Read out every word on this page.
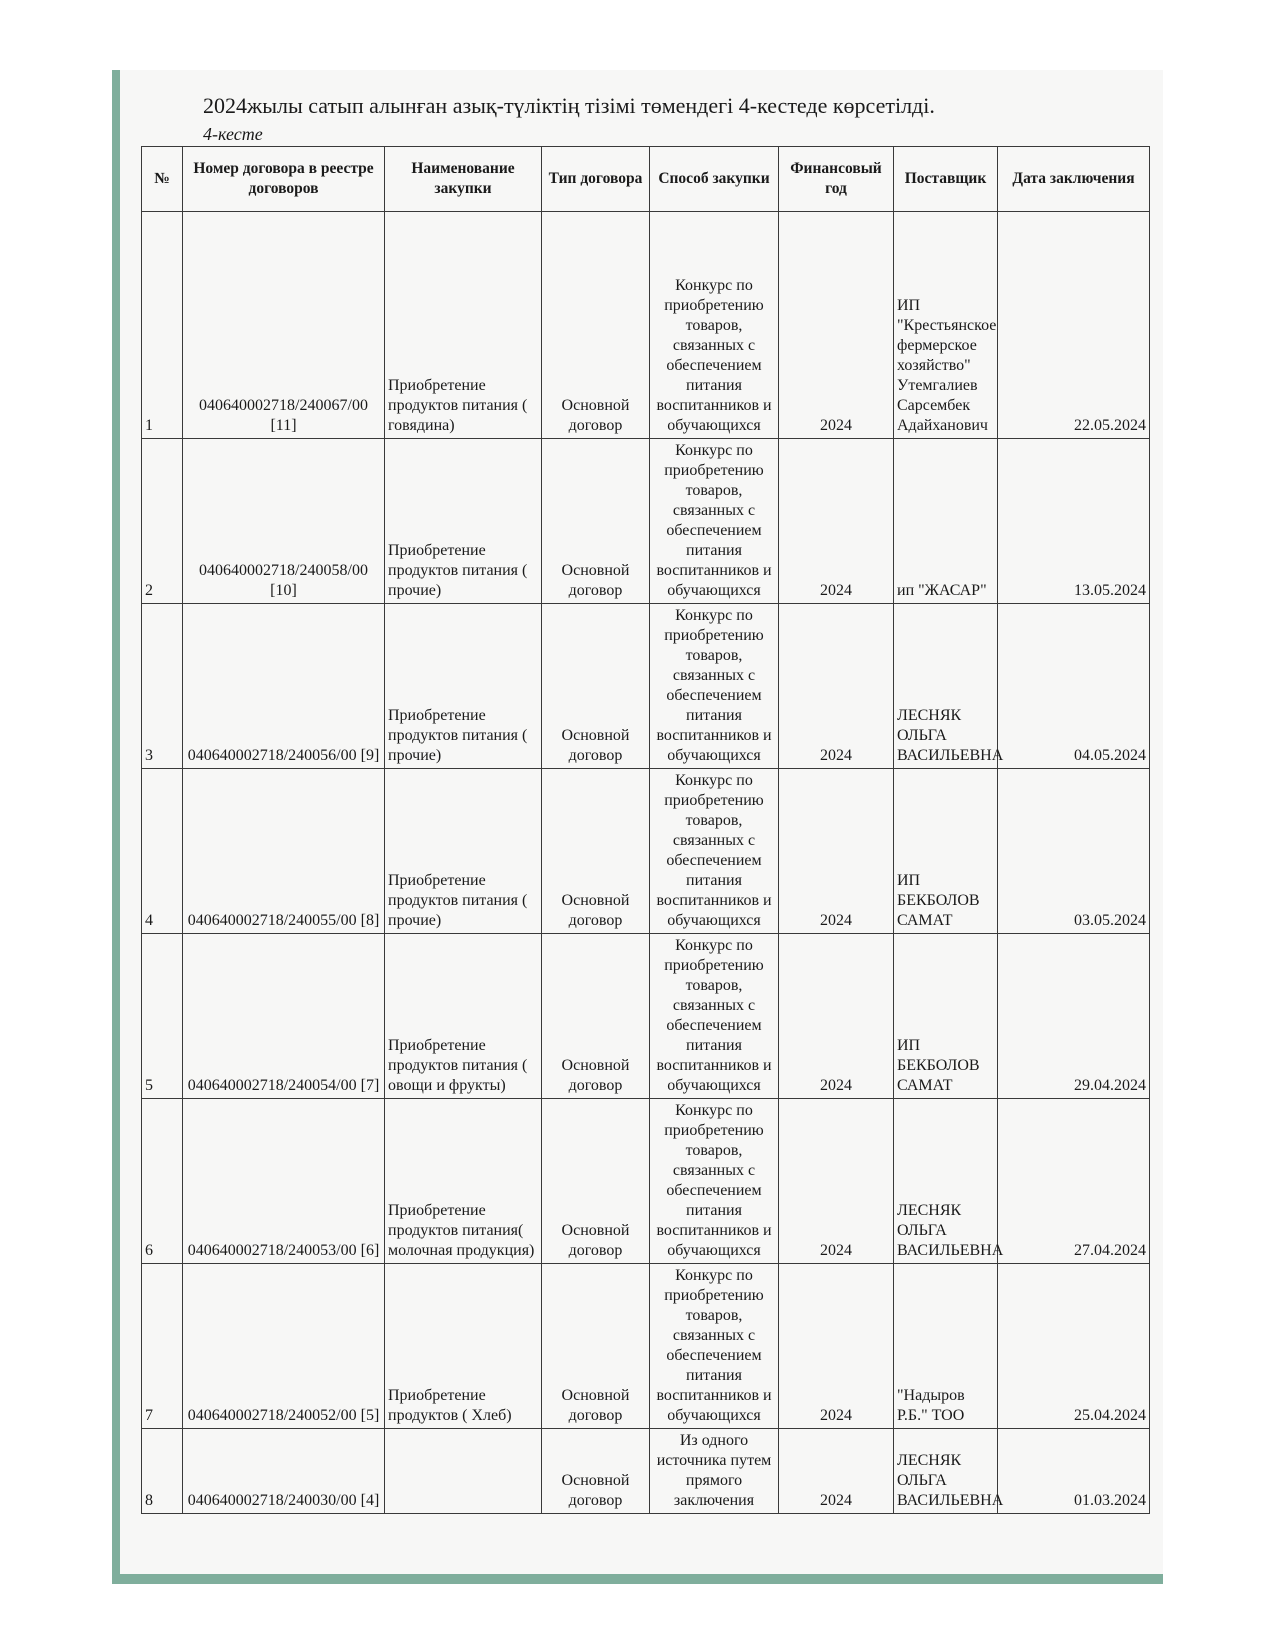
2024жылы сатып алынған азық-түліктің тізімі төмендегі 4-кестеде көрсетілді.
4-кесте
№	Номер договора в реестре договоров	Наименование закупки	Тип договора	Способ закупки	Финансовый год	Поставщик	Дата заключения
1	040640002718/240067/00 [11]	Приобретение продуктов питания ( говядина)	Основной договор	Конкурс по приобретению товаров, связанных с обеспечением питания воспитанников и обучающихся	2024	ИП "Крестьянское фермерское хозяйство" Утемгалиев Сарсембек Адайханович	22.05.2024
2	040640002718/240058/00 [10]	Приобретение продуктов питания ( прочие)	Основной договор	Конкурс по приобретению товаров, связанных с обеспечением питания воспитанников и обучающихся	2024	ип "ЖАСАР"	13.05.2024
3	040640002718/240056/00 [9]	Приобретение продуктов питания ( прочие)	Основной договор	Конкурс по приобретению товаров, связанных с обеспечением питания воспитанников и обучающихся	2024	ЛЕСНЯК ОЛЬГА ВАСИЛЬЕВНА	04.05.2024
4	040640002718/240055/00 [8]	Приобретение продуктов питания ( прочие)	Основной договор	Конкурс по приобретению товаров, связанных с обеспечением питания воспитанников и обучающихся	2024	ИП БЕКБОЛОВ САМАТ	03.05.2024
5	040640002718/240054/00 [7]	Приобретение продуктов питания ( овощи и фрукты)	Основной договор	Конкурс по приобретению товаров, связанных с обеспечением питания воспитанников и обучающихся	2024	ИП БЕКБОЛОВ САМАТ	29.04.2024
6	040640002718/240053/00 [6]	Приобретение продуктов питания( молочная продукция)	Основной договор	Конкурс по приобретению товаров, связанных с обеспечением питания воспитанников и обучающихся	2024	ЛЕСНЯК ОЛЬГА ВАСИЛЬЕВНА	27.04.2024
7	040640002718/240052/00 [5]	Приобретение продуктов ( Хлеб)	Основной договор	Конкурс по приобретению товаров, связанных с обеспечением питания воспитанников и обучающихся	2024	"Надыров Р.Б." ТОО	25.04.2024
8	040640002718/240030/00 [4]		Основной договор	Из одного источника путем прямого заключения	2024	ЛЕСНЯК ОЛЬГА ВАСИЛЬЕВНА	01.03.2024
